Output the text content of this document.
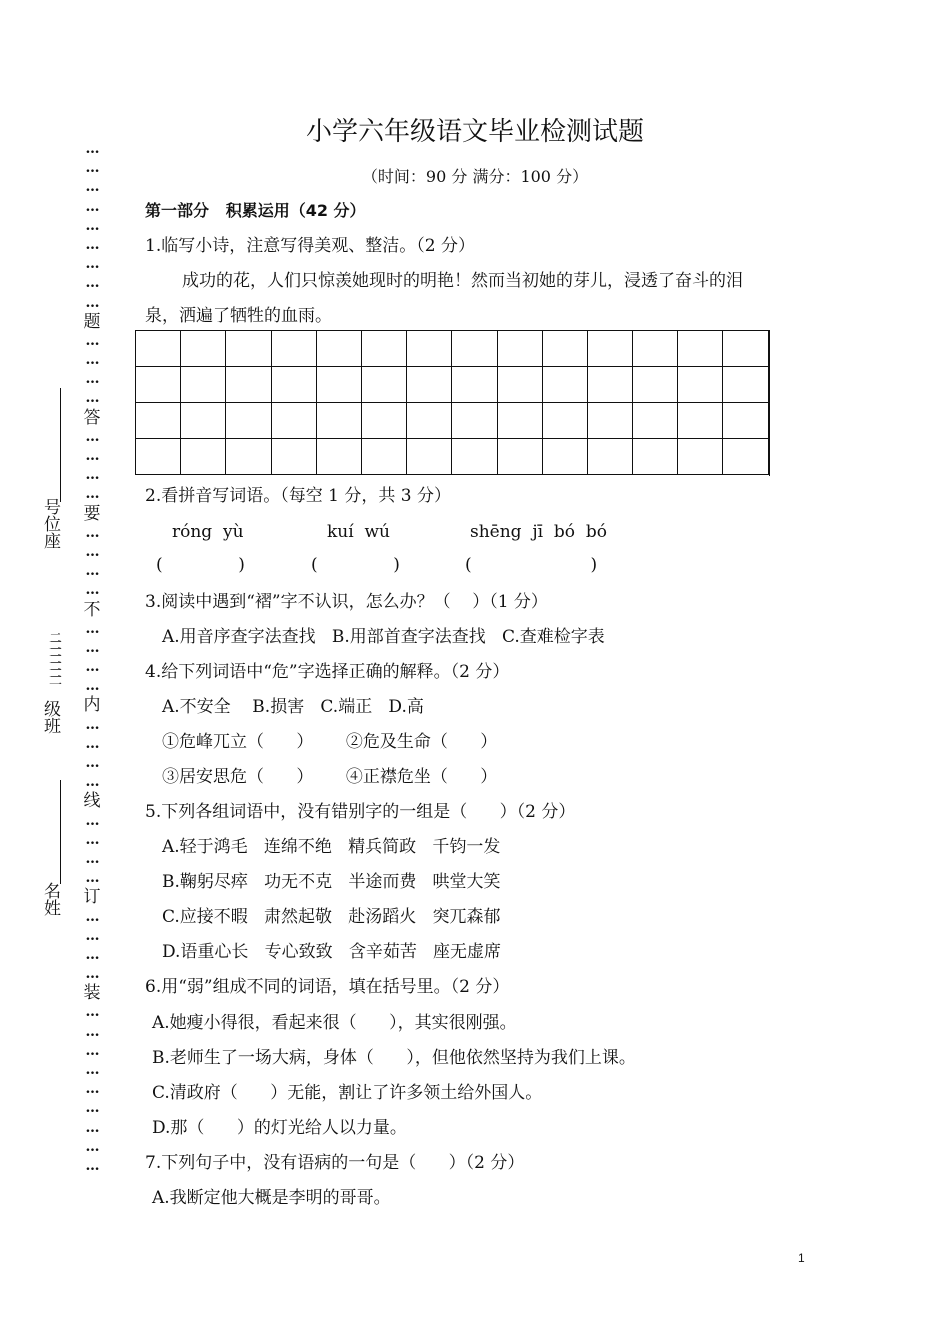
…
…
…
…
…
…
…
…
…
题
…
…
…
…
答
…
…
…
…
要
…
…
…
…
不
…
…
…
…
内
…
…
…
…
线
…
…
…
…
订
…
…
…
…
装
…
…
…
…
…
…
…
…
…
号位座
二二二二二二二
级班
名姓
小学六年级语文毕业检测试题
（时间：90 分 满分：100 分）
第一部分   积累运用（42 分）
1.临写小诗，注意写得美观、整洁。（2 分）
成功的花，人们只惊羡她现时的明艳！然而当初她的芽儿，浸透了奋斗的泪
泉，洒遍了牺牲的血雨。

2.看拼音写词语。（每空 1 分，共 3 分）
róng  yù	kuí  wú	shēng  jī  bó  bó
(              )	(              )	(                      )
3.阅读中遇到“褶”字不认识，怎么办？（    ）（1 分）
A.用音序查字法查找   B.用部首查字法查找   C.查难检字表
4.给下列词语中“危”字选择正确的解释。（2 分）
A.不安全    B.损害   C.端正   D.高
①危峰兀立（      ）      ②危及生命（      ）
③居安思危（      ）      ④正襟危坐（      ）
5.下列各组词语中，没有错别字的一组是（      ）（2 分）
A.轻于鸿毛   连绵不绝   精兵简政   千钧一发
B.鞠躬尽瘁   功无不克   半途而费   哄堂大笑
C.应接不暇   肃然起敬   赴汤蹈火   突兀森郁
D.语重心长   专心致致   含辛茹苦   座无虚席
6.用“弱”组成不同的词语，填在括号里。（2 分）
A.她瘦小得很，看起来很（      ），其实很刚强。
B.老师生了一场大病，身体（      ），但他依然坚持为我们上课。
C.清政府（      ）无能，割让了许多领土给外国人。
D.那（      ）的灯光给人以力量。
7.下列句子中，没有语病的一句是（      ）（2 分）
A.我断定他大概是李明的哥哥。
1
